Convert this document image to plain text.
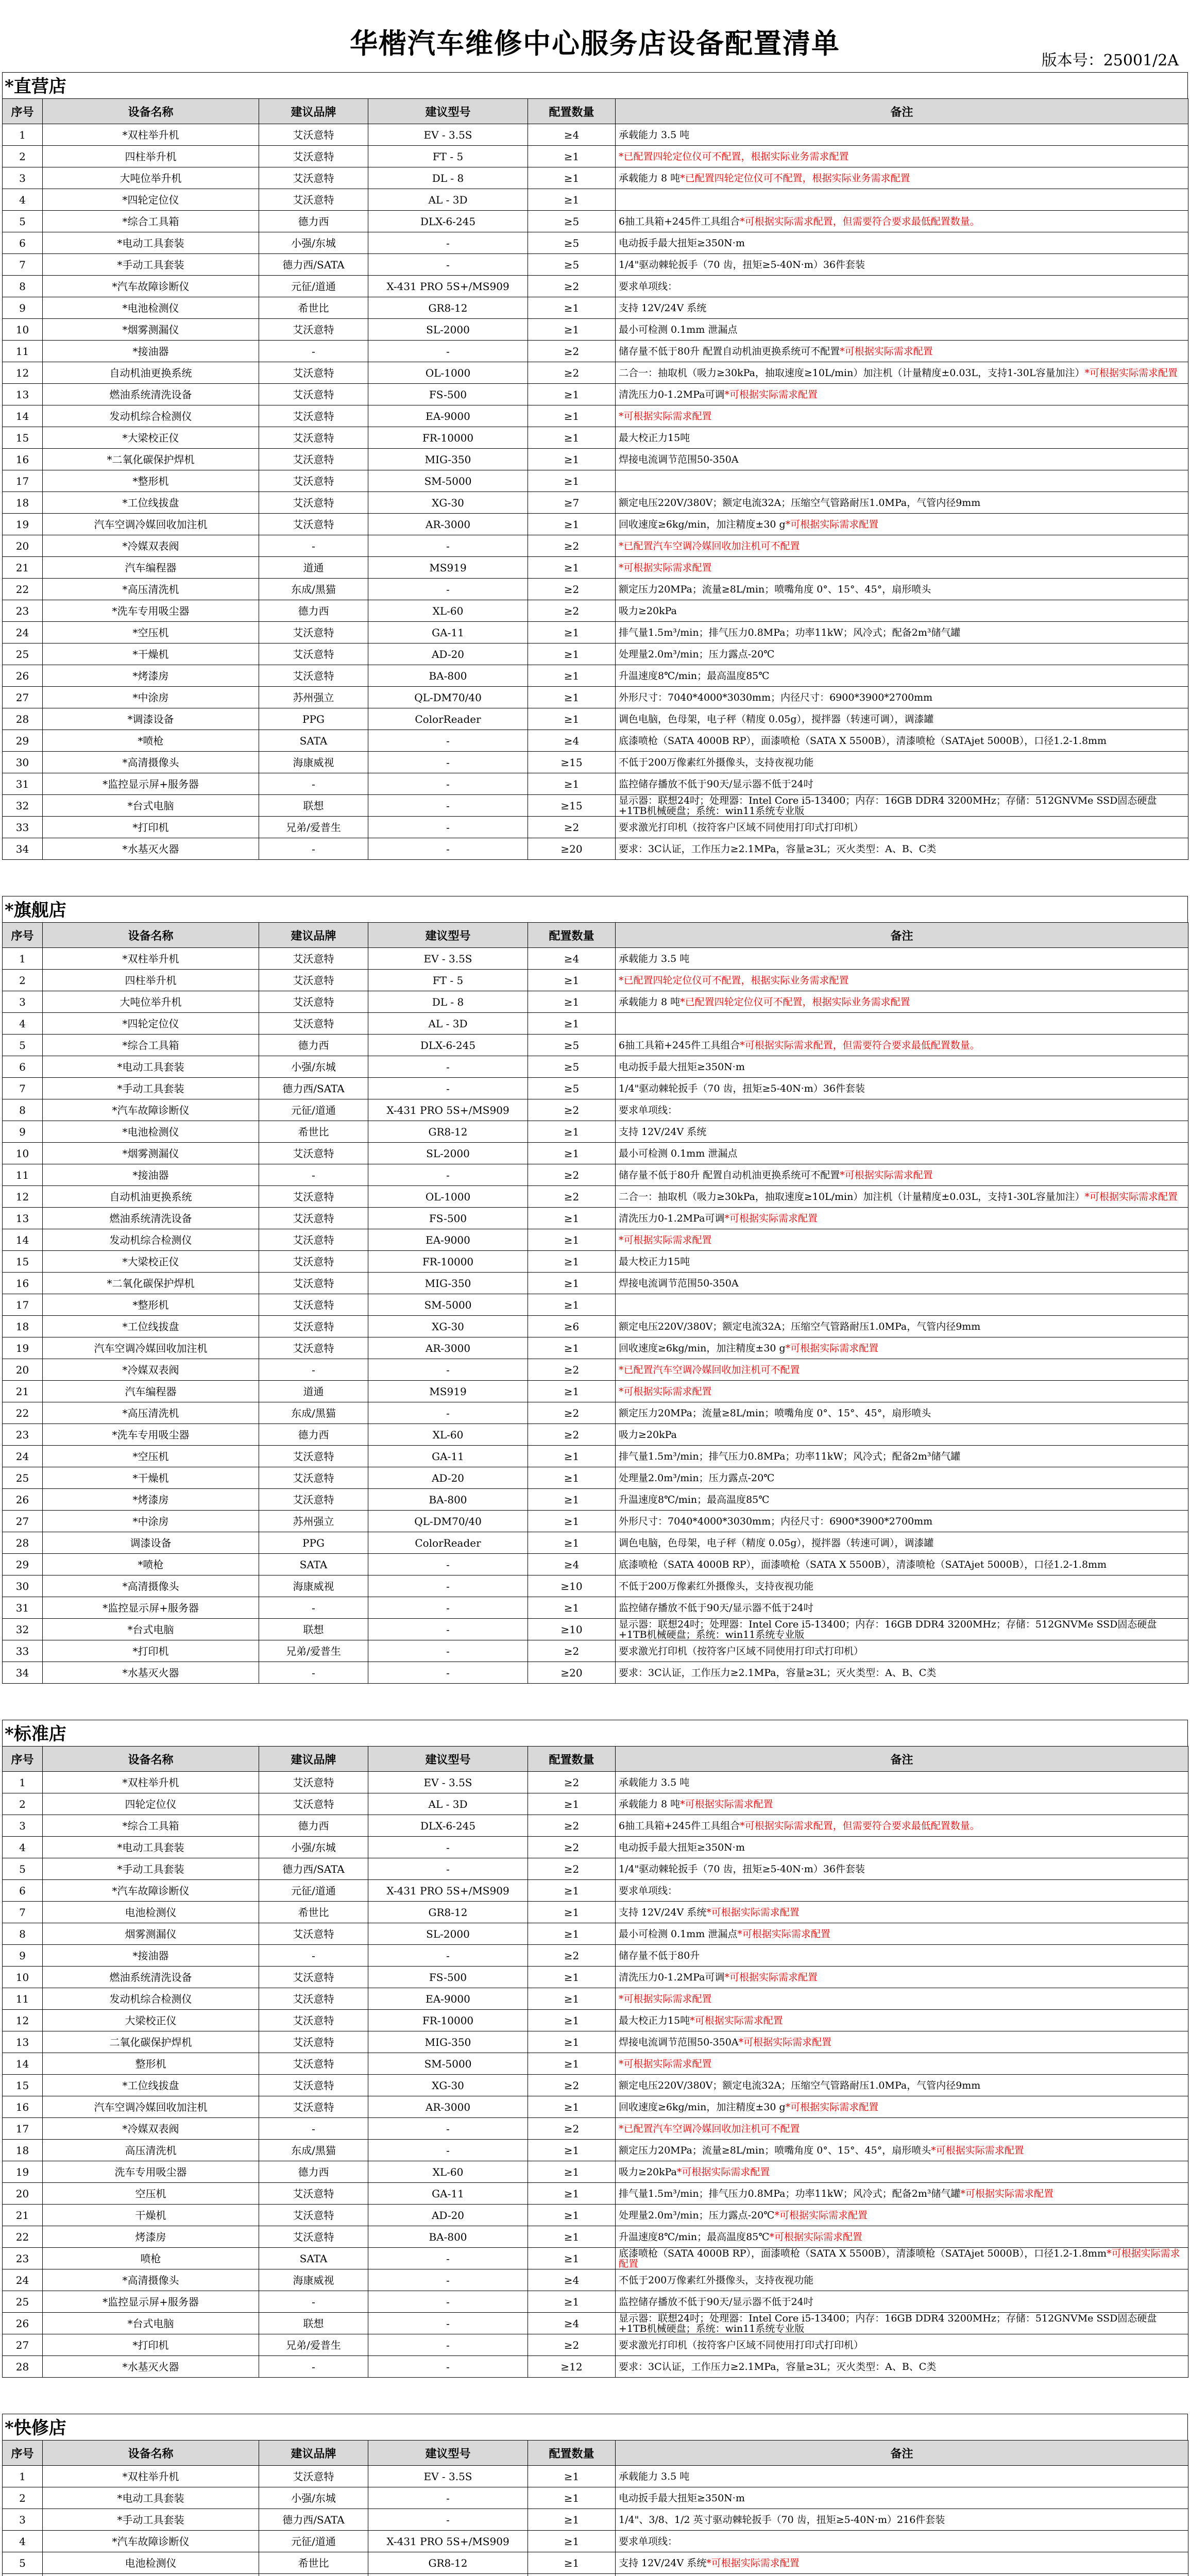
华楷汽车维修中心服务店设备配置清单
版本号：25001/2A
*直营店
序号	设备名称	建议品牌	建议型号	配置数量	备注
1	*双柱举升机	艾沃意特	EV - 3.5S	≥4	承载能力 3.5 吨
2	四柱举升机	艾沃意特	FT - 5	≥1	*已配置四轮定位仪可不配置，根据实际业务需求配置
3	大吨位举升机	艾沃意特	DL - 8	≥1	承载能力 8 吨*已配置四轮定位仪可不配置，根据实际业务需求配置
4	*四轮定位仪	艾沃意特	AL - 3D	≥1	
5	*综合工具箱	德力西	DLX-6-245	≥5	6抽工具箱+245件工具组合*可根据实际需求配置，但需要符合要求最低配置数量。
6	*电动工具套装	小强/东城	-	≥5	电动扳手最大扭矩≥350N·m
7	*手动工具套装	德力西/SATA	-	≥5	1/4"驱动棘轮扳手（70 齿，扭矩≥5-40N·m）36件套装
8	*汽车故障诊断仪	元征/道通	X-431 PRO 5S+/MS909	≥2	要求单项线：
9	*电池检测仪	希世比	GR8-12	≥1	支持 12V/24V 系统
10	*烟雾测漏仪	艾沃意特	SL-2000	≥1	最小可检测 0.1mm 泄漏点
11	*接油器	-	-	≥2	储存量不低于80升 配置自动机油更换系统可不配置*可根据实际需求配置
12	自动机油更换系统	艾沃意特	OL-1000	≥2	二合一：抽取机（吸力≥30kPa，抽取速度≥10L/min）加注机（计量精度±0.03L，支持1-30L容量加注）*可根据实际需求配置
13	燃油系统清洗设备	艾沃意特	FS-500	≥1	清洗压力0-1.2MPa可调*可根据实际需求配置
14	发动机综合检测仪	艾沃意特	EA-9000	≥1	*可根据实际需求配置
15	*大梁校正仪	艾沃意特	FR-10000	≥1	最大校正力15吨
16	*二氧化碳保护焊机	艾沃意特	MIG-350	≥1	焊接电流调节范围50-350A
17	*整形机	艾沃意特	SM-5000	≥1	
18	*工位线拔盘	艾沃意特	XG-30	≥7	额定电压220V/380V；额定电流32A；压缩空气管路耐压1.0MPa，气管内径9mm
19	汽车空调冷媒回收加注机	艾沃意特	AR-3000	≥1	回收速度≥6kg/min，加注精度±30 g*可根据实际需求配置
20	*冷媒双表阀	-	-	≥2	*已配置汽车空调冷媒回收加注机可不配置
21	汽车编程器	道通	MS919	≥1	*可根据实际需求配置
22	*高压清洗机	东成/黑猫	-	≥2	额定压力20MPa；流量≥8L/min；喷嘴角度 0°、15°、45°，扇形喷头
23	*洗车专用吸尘器	德力西	XL-60	≥2	吸力≥20kPa
24	*空压机	艾沃意特	GA-11	≥1	排气量1.5m³/min；排气压力0.8MPa；功率11kW；风冷式；配备2m³储气罐
25	*干燥机	艾沃意特	AD-20	≥1	处理量2.0m³/min；压力露点-20℃
26	*烤漆房	艾沃意特	BA-800	≥1	升温速度8℃/min；最高温度85℃
27	*中涂房	苏州强立	QL-DM70/40	≥1	外形尺寸：7040*4000*3030mm；内径尺寸：6900*3900*2700mm
28	*调漆设备	PPG	ColorReader	≥1	调色电脑，色母架，电子秤（精度 0.05g），搅拌器（转速可调），调漆罐
29	*喷枪	SATA	-	≥4	底漆喷枪（SATA 4000B RP），面漆喷枪（SATA X 5500B），清漆喷枪（SATAjet 5000B），口径1.2-1.8mm
30	*高清摄像头	海康威视	-	≥15	不低于200万像素红外摄像头，支持夜视功能
31	*监控显示屏+服务器	-	-	≥1	监控储存播放不低于90天/显示器不低于24吋
32	*台式电脑	联想	-	≥15	显示器：联想24吋；处理器：Intel Core i5-13400；内存：16GB DDR4 3200MHz；存储：512GNVMe SSD固态硬盘+1TB机械硬盘；系统：win11系统专业版
33	*打印机	兄弟/爱普生	-	≥2	要求激光打印机（按符客户区域不同使用打印式打印机）
34	*水基灭火器	-	-	≥20	要求：3C认证，工作压力≥2.1MPa，容量≥3L；灭火类型：A、B、C类
*旗舰店
序号	设备名称	建议品牌	建议型号	配置数量	备注
1	*双柱举升机	艾沃意特	EV - 3.5S	≥4	承载能力 3.5 吨
2	四柱举升机	艾沃意特	FT - 5	≥1	*已配置四轮定位仪可不配置，根据实际业务需求配置
3	大吨位举升机	艾沃意特	DL - 8	≥1	承载能力 8 吨*已配置四轮定位仪可不配置，根据实际业务需求配置
4	*四轮定位仪	艾沃意特	AL - 3D	≥1	
5	*综合工具箱	德力西	DLX-6-245	≥5	6抽工具箱+245件工具组合*可根据实际需求配置，但需要符合要求最低配置数量。
6	*电动工具套装	小强/东城	-	≥5	电动扳手最大扭矩≥350N·m
7	*手动工具套装	德力西/SATA	-	≥5	1/4"驱动棘轮扳手（70 齿，扭矩≥5-40N·m）36件套装
8	*汽车故障诊断仪	元征/道通	X-431 PRO 5S+/MS909	≥2	要求单项线：
9	*电池检测仪	希世比	GR8-12	≥1	支持 12V/24V 系统
10	*烟雾测漏仪	艾沃意特	SL-2000	≥1	最小可检测 0.1mm 泄漏点
11	*接油器	-	-	≥2	储存量不低于80升 配置自动机油更换系统可不配置*可根据实际需求配置
12	自动机油更换系统	艾沃意特	OL-1000	≥2	二合一：抽取机（吸力≥30kPa，抽取速度≥10L/min）加注机（计量精度±0.03L，支持1-30L容量加注）*可根据实际需求配置
13	燃油系统清洗设备	艾沃意特	FS-500	≥1	清洗压力0-1.2MPa可调*可根据实际需求配置
14	发动机综合检测仪	艾沃意特	EA-9000	≥1	*可根据实际需求配置
15	*大梁校正仪	艾沃意特	FR-10000	≥1	最大校正力15吨
16	*二氧化碳保护焊机	艾沃意特	MIG-350	≥1	焊接电流调节范围50-350A
17	*整形机	艾沃意特	SM-5000	≥1	
18	*工位线拔盘	艾沃意特	XG-30	≥6	额定电压220V/380V；额定电流32A；压缩空气管路耐压1.0MPa，气管内径9mm
19	汽车空调冷媒回收加注机	艾沃意特	AR-3000	≥1	回收速度≥6kg/min，加注精度±30 g*可根据实际需求配置
20	*冷媒双表阀	-	-	≥2	*已配置汽车空调冷媒回收加注机可不配置
21	汽车编程器	道通	MS919	≥1	*可根据实际需求配置
22	*高压清洗机	东成/黑猫	-	≥2	额定压力20MPa；流量≥8L/min；喷嘴角度 0°、15°、45°，扇形喷头
23	*洗车专用吸尘器	德力西	XL-60	≥2	吸力≥20kPa
24	*空压机	艾沃意特	GA-11	≥1	排气量1.5m³/min；排气压力0.8MPa；功率11kW；风冷式；配备2m³储气罐
25	*干燥机	艾沃意特	AD-20	≥1	处理量2.0m³/min；压力露点-20℃
26	*烤漆房	艾沃意特	BA-800	≥1	升温速度8℃/min；最高温度85℃
27	*中涂房	苏州强立	QL-DM70/40	≥1	外形尺寸：7040*4000*3030mm；内径尺寸：6900*3900*2700mm
28	调漆设备	PPG	ColorReader	≥1	调色电脑，色母架，电子秤（精度 0.05g），搅拌器（转速可调），调漆罐
29	*喷枪	SATA	-	≥4	底漆喷枪（SATA 4000B RP），面漆喷枪（SATA X 5500B），清漆喷枪（SATAjet 5000B），口径1.2-1.8mm
30	*高清摄像头	海康威视	-	≥10	不低于200万像素红外摄像头，支持夜视功能
31	*监控显示屏+服务器	-	-	≥1	监控储存播放不低于90天/显示器不低于24吋
32	*台式电脑	联想	-	≥10	显示器：联想24吋；处理器：Intel Core i5-13400；内存：16GB DDR4 3200MHz；存储：512GNVMe SSD固态硬盘+1TB机械硬盘；系统：win11系统专业版
33	*打印机	兄弟/爱普生	-	≥2	要求激光打印机（按符客户区域不同使用打印式打印机）
34	*水基灭火器	-	-	≥20	要求：3C认证，工作压力≥2.1MPa，容量≥3L；灭火类型：A、B、C类
*标准店
序号	设备名称	建议品牌	建议型号	配置数量	备注
1	*双柱举升机	艾沃意特	EV - 3.5S	≥2	承载能力 3.5 吨
2	四轮定位仪	艾沃意特	AL - 3D	≥1	承载能力 8 吨*可根据实际需求配置
3	*综合工具箱	德力西	DLX-6-245	≥2	6抽工具箱+245件工具组合*可根据实际需求配置，但需要符合要求最低配置数量。
4	*电动工具套装	小强/东城	-	≥2	电动扳手最大扭矩≥350N·m
5	*手动工具套装	德力西/SATA	-	≥2	1/4"驱动棘轮扳手（70 齿，扭矩≥5-40N·m）36件套装
6	*汽车故障诊断仪	元征/道通	X-431 PRO 5S+/MS909	≥1	要求单项线：
7	电池检测仪	希世比	GR8-12	≥1	支持 12V/24V 系统*可根据实际需求配置
8	烟雾测漏仪	艾沃意特	SL-2000	≥1	最小可检测 0.1mm 泄漏点*可根据实际需求配置
9	*接油器	-	-	≥2	储存量不低于80升
10	燃油系统清洗设备	艾沃意特	FS-500	≥1	清洗压力0-1.2MPa可调*可根据实际需求配置
11	发动机综合检测仪	艾沃意特	EA-9000	≥1	*可根据实际需求配置
12	大梁校正仪	艾沃意特	FR-10000	≥1	最大校正力15吨*可根据实际需求配置
13	二氧化碳保护焊机	艾沃意特	MIG-350	≥1	焊接电流调节范围50-350A*可根据实际需求配置
14	整形机	艾沃意特	SM-5000	≥1	*可根据实际需求配置
15	*工位线拔盘	艾沃意特	XG-30	≥2	额定电压220V/380V；额定电流32A；压缩空气管路耐压1.0MPa，气管内径9mm
16	汽车空调冷媒回收加注机	艾沃意特	AR-3000	≥1	回收速度≥6kg/min，加注精度±30 g*可根据实际需求配置
17	*冷媒双表阀	-	-	≥2	*已配置汽车空调冷媒回收加注机可不配置
18	高压清洗机	东成/黑猫	-	≥1	额定压力20MPa；流量≥8L/min；喷嘴角度 0°、15°、45°，扇形喷头*可根据实际需求配置
19	洗车专用吸尘器	德力西	XL-60	≥1	吸力≥20kPa*可根据实际需求配置
20	空压机	艾沃意特	GA-11	≥1	排气量1.5m³/min；排气压力0.8MPa；功率11kW；风冷式；配备2m³储气罐*可根据实际需求配置
21	干燥机	艾沃意特	AD-20	≥1	处理量2.0m³/min；压力露点-20℃*可根据实际需求配置
22	烤漆房	艾沃意特	BA-800	≥1	升温速度8℃/min；最高温度85℃*可根据实际需求配置
23	喷枪	SATA	-	≥1	底漆喷枪（SATA 4000B RP），面漆喷枪（SATA X 5500B），清漆喷枪（SATAjet 5000B），口径1.2-1.8mm*可根据实际需求配置
24	*高清摄像头	海康威视	-	≥4	不低于200万像素红外摄像头，支持夜视功能
25	*监控显示屏+服务器	-	-	≥1	监控储存播放不低于90天/显示器不低于24吋
26	*台式电脑	联想	-	≥4	显示器：联想24吋；处理器：Intel Core i5-13400；内存：16GB DDR4 3200MHz；存储：512GNVMe SSD固态硬盘+1TB机械硬盘；系统：win11系统专业版
27	*打印机	兄弟/爱普生	-	≥2	要求激光打印机（按符客户区域不同使用打印式打印机）
28	*水基灭火器	-	-	≥12	要求：3C认证，工作压力≥2.1MPa，容量≥3L；灭火类型：A、B、C类
*快修店
序号	设备名称	建议品牌	建议型号	配置数量	备注
1	*双柱举升机	艾沃意特	EV - 3.5S	≥1	承载能力 3.5 吨
2	*电动工具套装	小强/东城	-	≥1	电动扳手最大扭矩≥350N·m
3	*手动工具套装	德力西/SATA	-	≥1	1/4"、3/8、1/2 英寸驱动棘轮扳手（70 齿，扭矩≥5-40N·m）216件套装
4	*汽车故障诊断仪	元征/道通	X-431 PRO 5S+/MS909	≥1	要求单项线：
5	电池检测仪	希世比	GR8-12	≥1	支持 12V/24V 系统*可根据实际需求配置
